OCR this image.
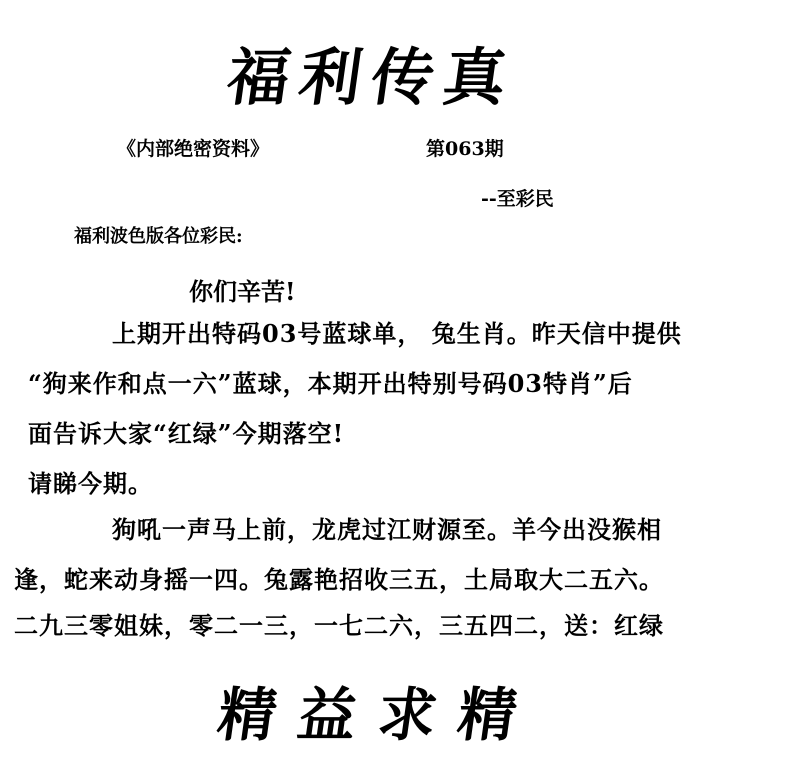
福利传真
《内部绝密资料》	第063期
--至彩民
福利波色版各位彩民:
你们辛苦!
上期开出特码03号蓝球单， 兔生肖。昨天信中提供
“狗来作和点一六”蓝球，本期开出特别号码03特肖”后
面告诉大家“红绿”今期落空!
请睇今期。
狗吼一声马上前，龙虎过江财源至。羊今出没猴相
逢，蛇来动身摇一四。兔露艳招收三五，土局取大二五六。
二九三零姐妹，零二一三，一七二六，三五四二，送：红绿
精益求精
